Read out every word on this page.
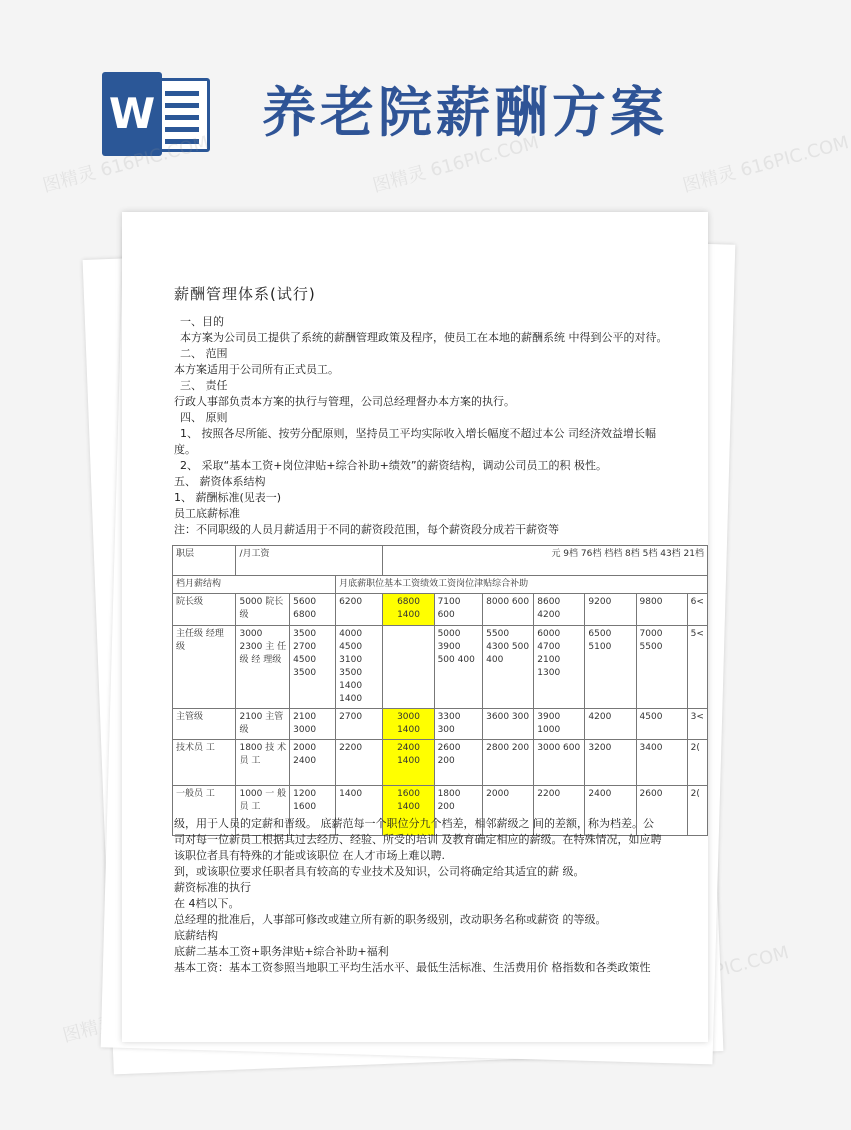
W 养老院薪酬方案
图精灵 616PIC.COM	图精灵 616PIC.COM	图精灵 616PIC.COM
图精灵
616PIC.COM
薪酬管理体系(试行)
一、目的
本方案为公司员工提供了系统的薪酬管理政策及程序，使员工在本地的薪酬系统 中得到公平的对待。
二、 范围
本方案适用于公司所有正式员工。
三、 责任
行政人事部负责本方案的执行与管理，公司总经理督办本方案的执行。
四、 原则
1、 按照各尽所能、按劳分配原则，坚持员工平均实际收入增长幅度不超过本公 司经济效益增长幅
度。
2、 采取“基本工资+岗位津贴+综合补助+绩效”的薪资结构，调动公司员工的积 极性。
五、 薪资体系结构
1、 薪酬标准(见表一)
员工底薪标准
注：不同职级的人员月薪适用于不同的薪资段范围，每个薪资段分成若干薪资等
职层	/月工资			元 9档 76档 档档 8档 5档 43档 21档						
档月薪结构			月底薪职位基本工资绩效工资岗位津贴综合补助							
院长级	5000 院长级	5600 6800	6200	6800 1400	7100 600	8000 600	8600 4200	9200	9800	6<
主任级 经理级	3000 2300 主 任级 经 理级	3500 2700 4500 3500	4000 4500 3100 3500 1400 1400		5000 3900 500 400	5500 4300 500 400	6000 4700 2100 1300	6500 5100	7000 5500	5<
主管级	2100 主管级	2100 3000	2700	3000 1400	3300 300	3600 300	3900 1000	4200	4500	3<
技术员 工	1800 技 术员 工	2000 2400	2200	2400 1400	2600 200	2800 200	3000 600	3200	3400	2(
一般员 工	1000 一 般员 工	1200 1600	1400	1600 1400	1800 200	2000	2200	2400	2600	2(
级，用于人员的定薪和晋级。 底薪范每一个职位分九个档差，相邻薪级之 间的差额，称为档差。公
司对每一位新员工根据其过去经历、经验、所受的培训 及教育确定相应的薪级。在特殊情况，如应聘
该职位者具有特殊的才能或该职位 在人才市场上难以聘.
到，或该职位要求任职者具有较高的专业技术及知识，公司将确定给其适宜的薪 级。
薪资标准的执行
在 4档以下。
总经理的批准后，人事部可修改或建立所有新的职务级别，改动职务名称或薪资 的等级。
底薪结构
底薪二基本工资+职务津贴+综合补助+福利
基本工资：基本工资参照当地职工平均生活水平、最低生活标准、生活费用价 格指数和各类政策性
